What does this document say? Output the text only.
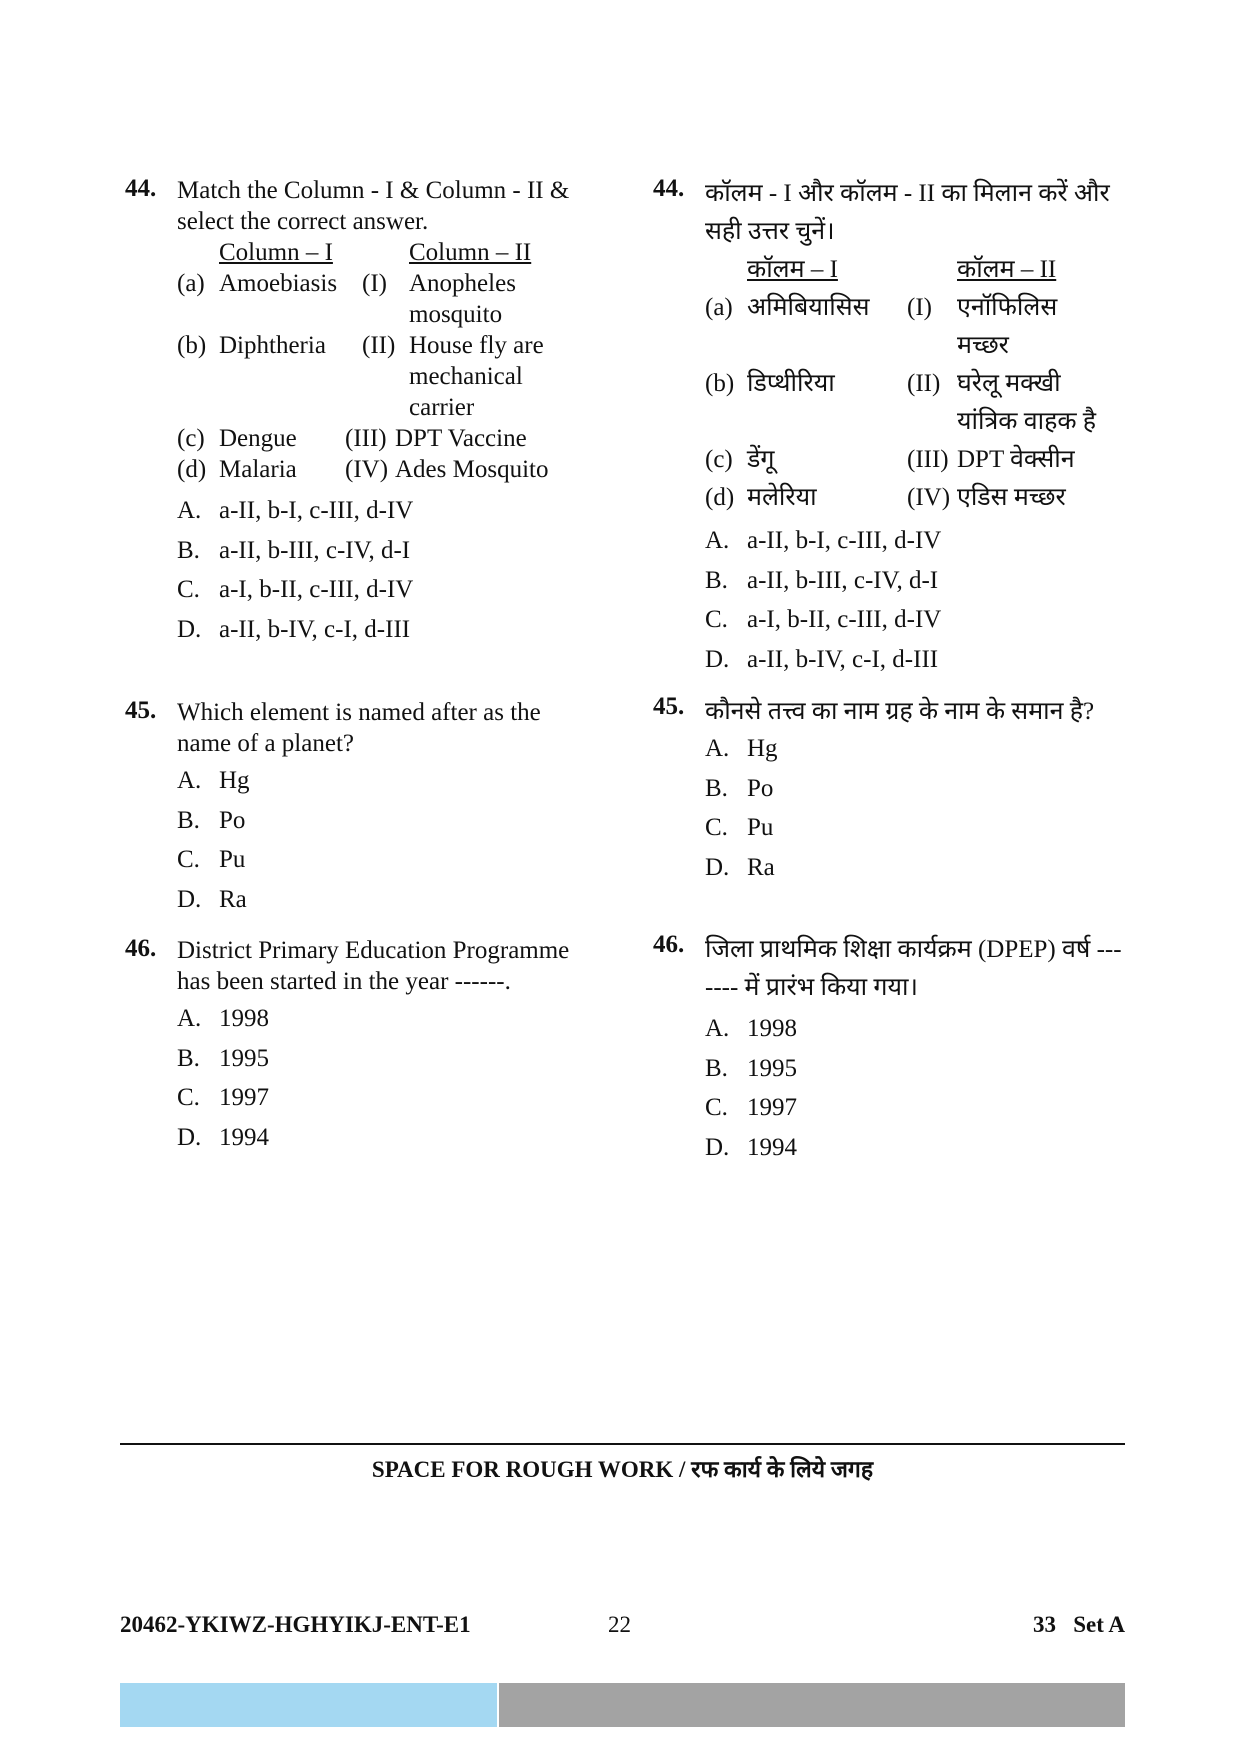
44. Match the Column - I & Column - II & select the correct answer.
Column – I	Column – II
(a) Amoebiasis (I) Anopheles
mosquito
(b) Diphtheria (II) House fly are
mechanical
carrier
(c) Dengue (III) DPT Vaccine
(d) Malaria (IV) Ades Mosquito
A. a-II, b-I, c-III, d-IV
B. a-II, b-III, c-IV, d-I
C. a-I, b-II, c-III, d-IV
D. a-II, b-IV, c-I, d-III
45. Which element is named after as the name of a planet?
A. Hg
B. Po
C. Pu
D. Ra
46. District Primary Education Programme has been started in the year ------.
A. 1998
B. 1995
C. 1997
D. 1994
44. कॉलम - I और कॉलम - II का मिलान करें और सही उत्तर चुनें।
कॉलम – I	कॉलम – II
(a) अमिबियासिस (I) एनॉफिलिस
मच्छर
(b) डिप्थीरिया	(II) घरेलू मक्खी
यांत्रिक वाहक है
(c) डेंगू	(III) DPT वेक्सीन
(d) मलेरिया	(IV) एडिस मच्छर
A. a-II, b-I, c-III, d-IV
B. a-II, b-III, c-IV, d-I
C. a-I, b-II, c-III, d-IV
D. a-II, b-IV, c-I, d-III
45. कौनसे तत्त्व का नाम ग्रह के नाम के समान है?
A. Hg
B. Po
C. Pu
D. Ra
46. जिला प्राथमिक शिक्षा कार्यक्रम (DPEP) वर्ष ------- में प्रारंभ किया गया।
A. 1998
B. 1995
C. 1997
D. 1994
SPACE FOR ROUGH WORK / रफ कार्य के लिये जगह
20462-YKIWZ-HGHYIKJ-ENT-E1	22	33   Set A
